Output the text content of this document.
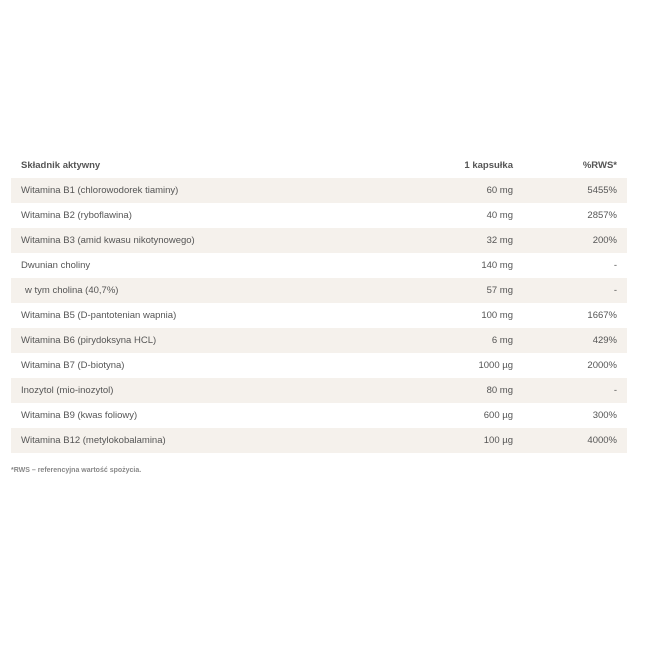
Składnik aktywny	1 kapsułka	%RWS*
Witamina B1 (chlorowodorek tiaminy)	60 mg	5455%
Witamina B2 (ryboflawina)	40 mg	2857%
Witamina B3 (amid kwasu nikotynowego)	32 mg	200%
Dwunian choliny	140 mg	-
w tym cholina (40,7%)	57 mg	-
Witamina B5 (D-pantotenian wapnia)	100 mg	1667%
Witamina B6 (pirydoksyna HCL)	6 mg	429%
Witamina B7 (D-biotyna)	1000 µg	2000%
Inozytol (mio-inozytol)	80 mg	-
Witamina B9 (kwas foliowy)	600 µg	300%
Witamina B12 (metylokobalamina)	100 µg	4000%
*RWS – referencyjna wartość spożycia.
